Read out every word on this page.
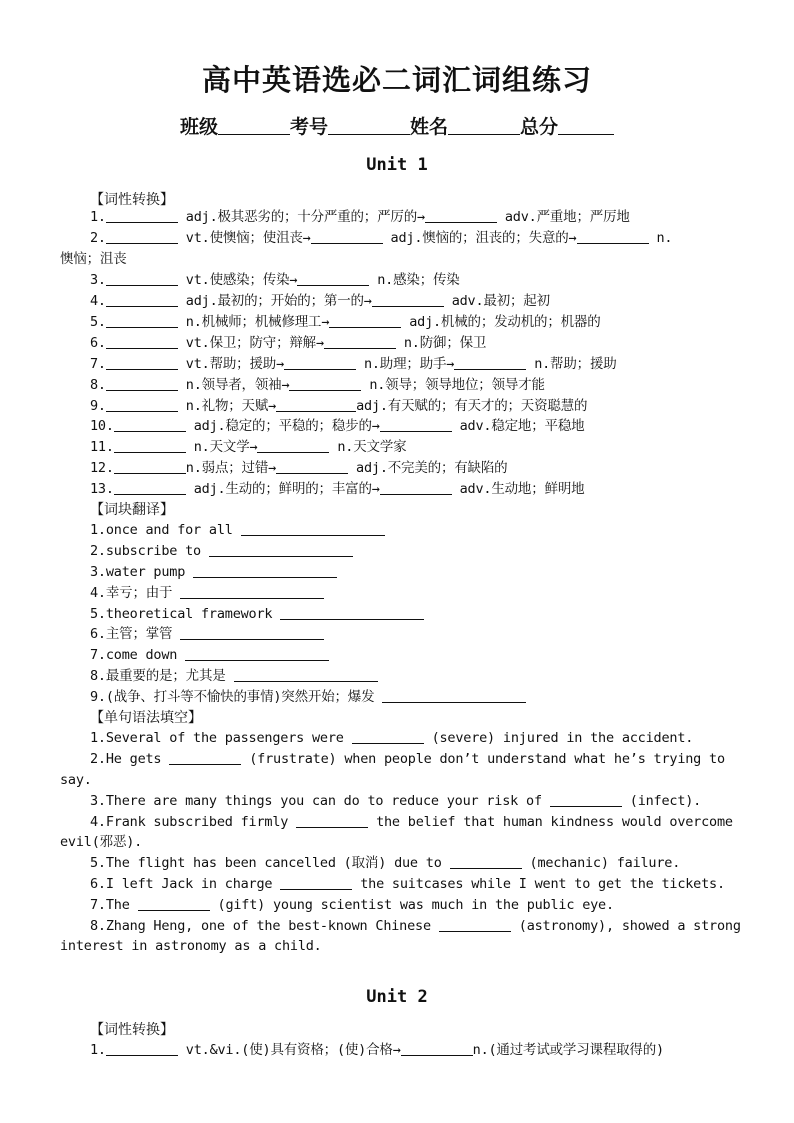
高中英语选必二词汇词组练习
班级	考号	姓名	总分
Unit 1
【词性转换】
1.	adj.极其恶劣的；十分严重的；严厉的→	adv.严重地；严厉地
2.	vt.使懊恼；使沮丧→	adj.懊恼的；沮丧的；失意的→	n.
懊恼；沮丧
3.	vt.使感染；传染→	n.感染；传染
4.	adj.最初的；开始的；第一的→	adv.最初；起初
5.	n.机械师；机械修理工→	adj.机械的；发动机的；机器的
6.	vt.保卫；防守；辩解→	n.防御；保卫
7.	vt.帮助；援助→	n.助理；助手→	n.帮助；援助
8.	n.领导者，领袖→	n.领导；领导地位；领导才能
9.	n.礼物；天赋→	adj.有天赋的；有天才的；天资聪慧的
10.	adj.稳定的；平稳的；稳步的→	adv.稳定地；平稳地
11.	n.天文学→	n.天文学家
12.	n.弱点；过错→	adj.不完美的；有缺陷的
13.	adj.生动的；鲜明的；丰富的→	adv.生动地；鲜明地
【词块翻译】
1.once and for all
2.subscribe to
3.water pump
4.幸亏；由于
5.theoretical framework
6.主管；掌管
7.come down
8.最重要的是；尤其是
9.(战争、打斗等不愉快的事情)突然开始；爆发
【单句语法填空】
1.Several of the passengers were	(severe) injured in the accident.
2.He gets	(frustrate) when people don’t understand what he’s trying to
say.
3.There are many things you can do to reduce your risk of	(infect).
4.Frank subscribed firmly	the belief that human kindness would overcome
evil(邪恶).
5.The flight has been cancelled (取消) due to	(mechanic) failure.
6.I left Jack in charge	the suitcases while I went to get the tickets.
7.The	(gift) young scientist was much in the public eye.
8.Zhang Heng, one of the best-known Chinese	(astronomy), showed a strong
interest in astronomy as a child.
Unit 2
【词性转换】
1.	vt.&vi.(使)具有资格；(使)合格→	n.(通过考试或学习课程取得的)
